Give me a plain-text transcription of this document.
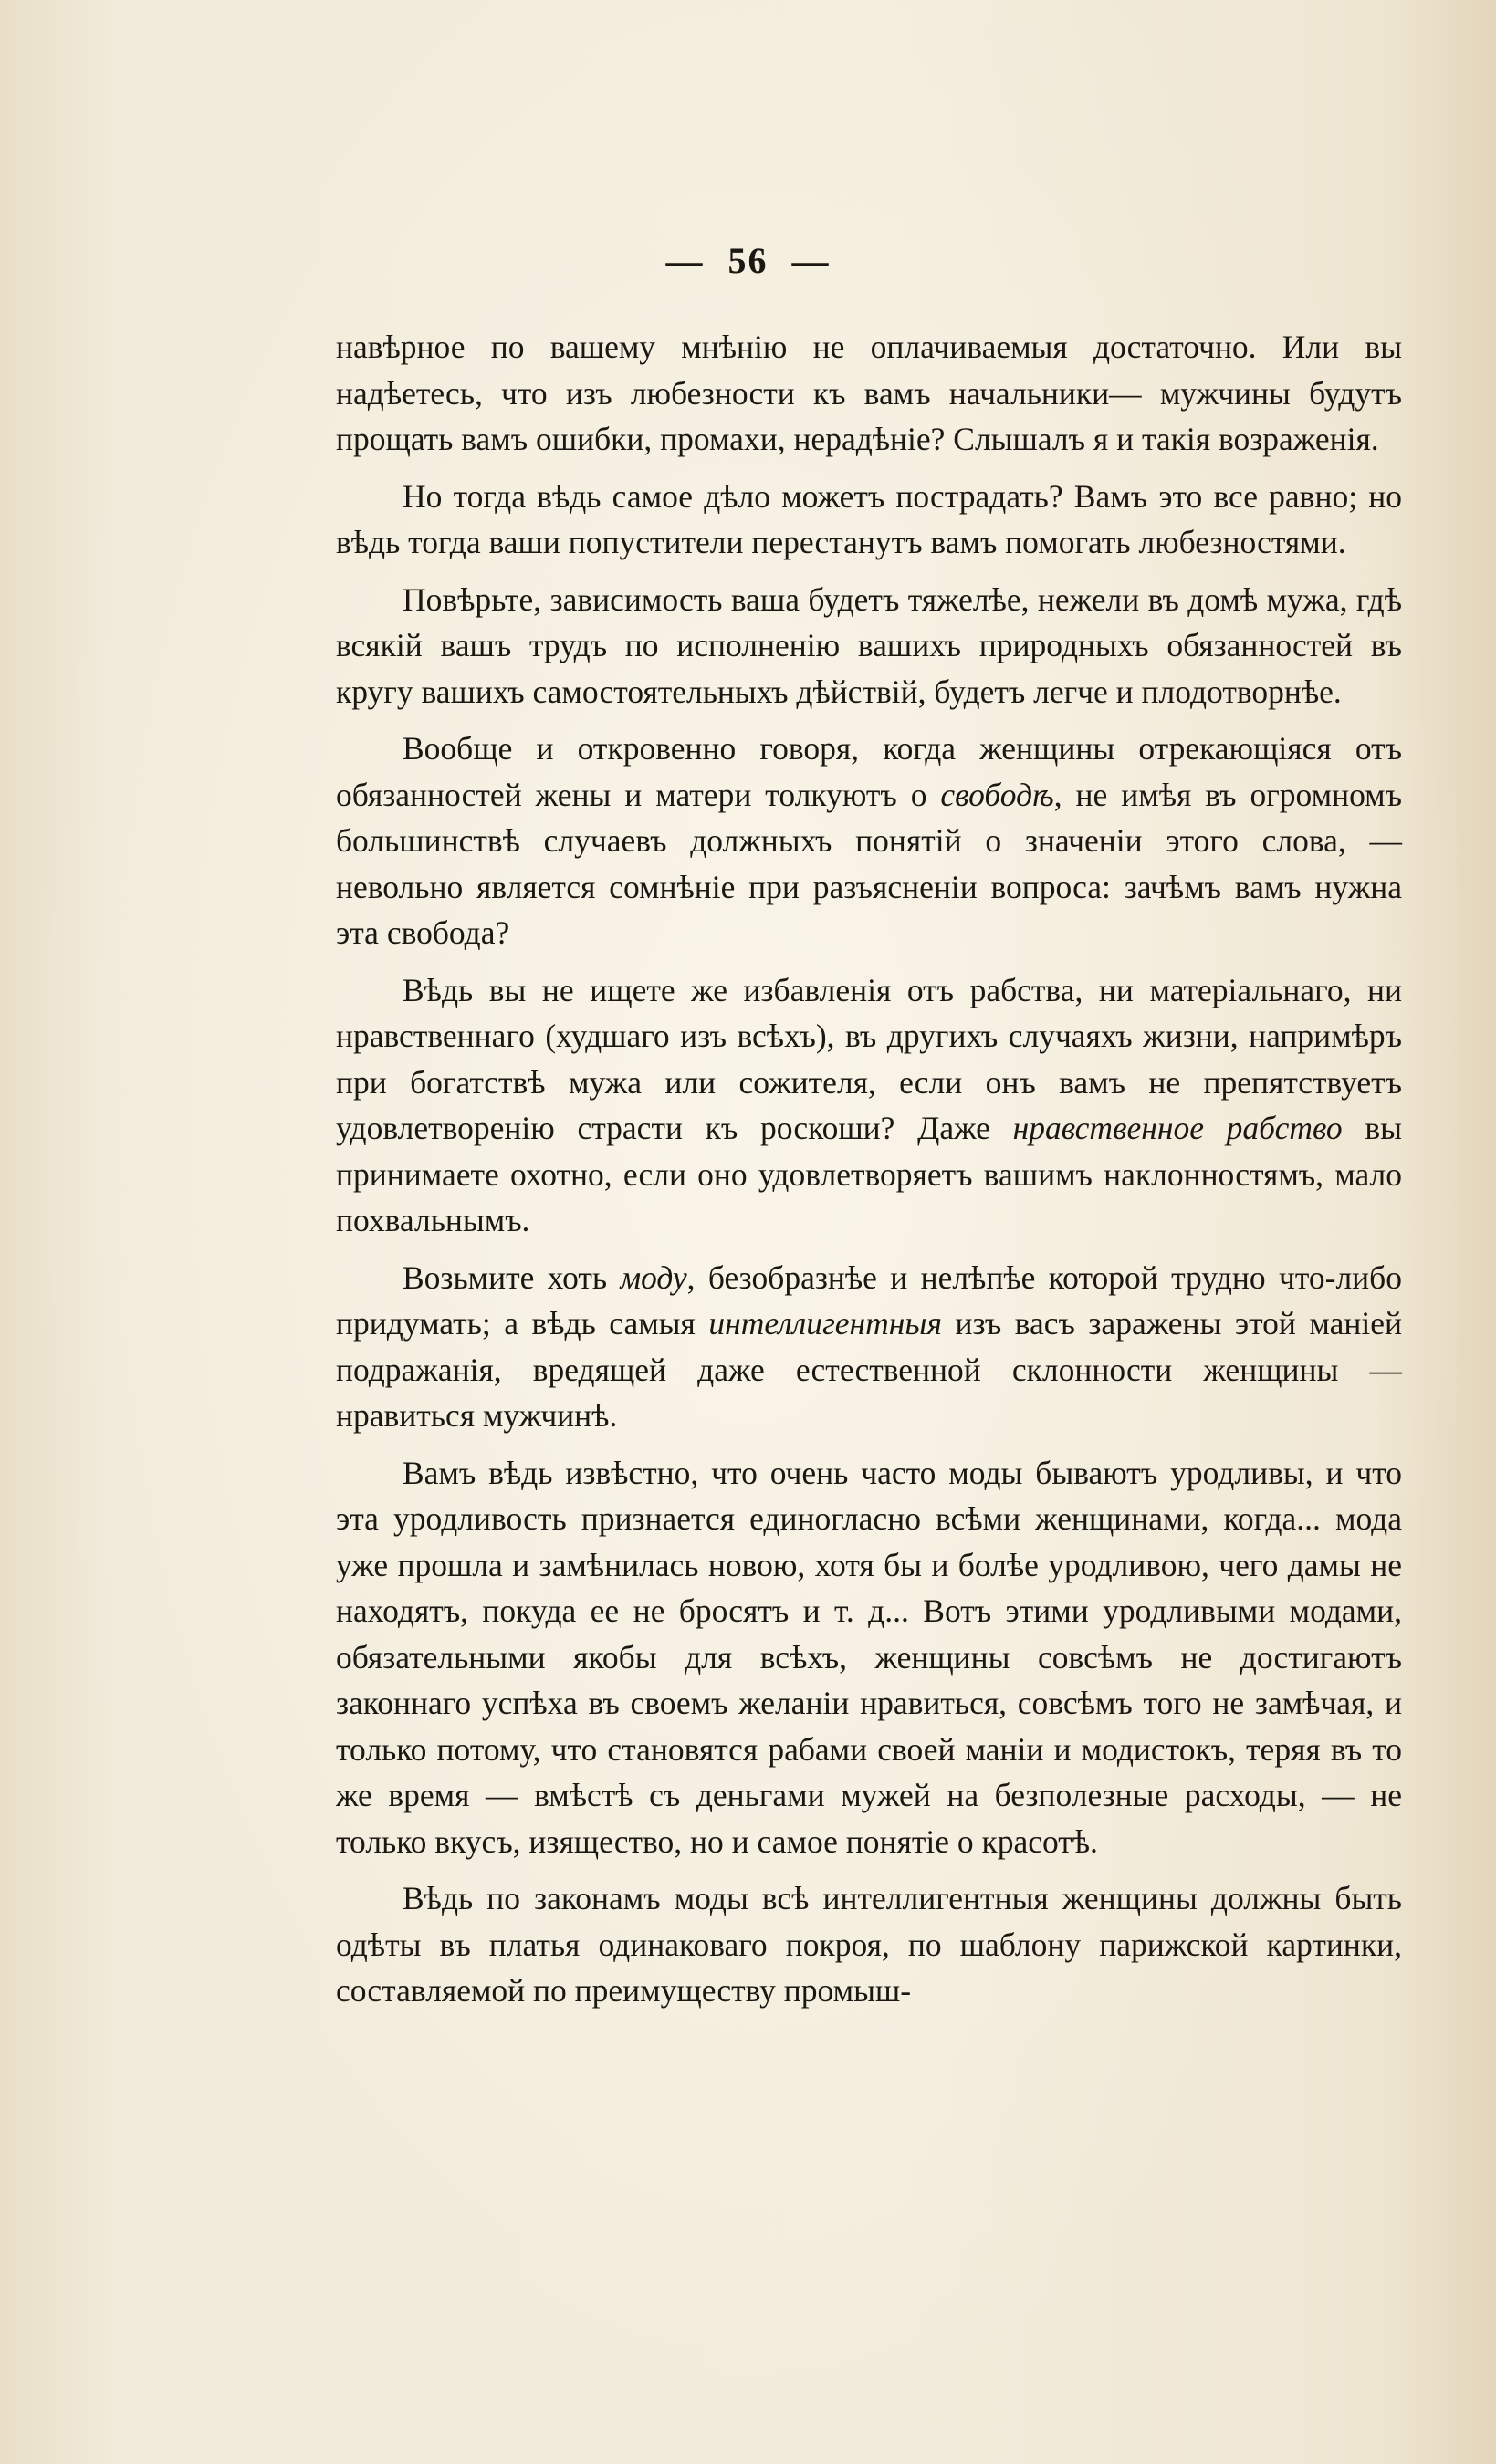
— 56 —

навѣрное по вашему мнѣнію не оплачиваемыя достаточно. Или вы надѣетесь, что изъ любезности къ вамъ начальники— мужчины будутъ прощать вамъ ошибки, промахи, нерадѣніе? Слышалъ я и такія возраженія.

Но тогда вѣдь самое дѣло можетъ пострадать? Вамъ это все равно; но вѣдь тогда ваши попустители перестанутъ вамъ помогать любезностями.

Повѣрьте, зависимость ваша будетъ тяжелѣе, нежели въ домѣ мужа, гдѣ всякій вашъ трудъ по исполненію вашихъ природныхъ обязанностей въ кругу вашихъ самостоятельныхъ дѣйствій, будетъ легче и плодотворнѣе.

Вообще и откровенно говоря, когда женщины отрекающіяся отъ обязанностей жены и матери толкуютъ о свободѣ, не имѣя въ огромномъ большинствѣ случаевъ должныхъ понятій о значеніи этого слова, — невольно является сомнѣніе при разъясненіи вопроса: зачѣмъ вамъ нужна эта свобода?

Вѣдь вы не ищете же избавленія отъ рабства, ни матеріальнаго, ни нравственнаго (худшаго изъ всѣхъ), въ другихъ случаяхъ жизни, напримѣръ при богатствѣ мужа или сожителя, если онъ вамъ не препятствуетъ удовлетворенію страсти къ роскоши? Даже нравственное рабство вы принимаете охотно, если оно удовлетворяетъ вашимъ наклонностямъ, мало похвальнымъ.

Возьмите хоть моду, безобразнѣе и нелѣпѣе которой трудно что-либо придумать; а вѣдь самыя интеллигентныя изъ васъ заражены этой маніей подражанія, вредящей даже естественной склонности женщины — нравиться мужчинѣ.

Вамъ вѣдь извѣстно, что очень часто моды бываютъ уродливы, и что эта уродливость признается единогласно всѣми женщинами, когда... мода уже прошла и замѣнилась новою, хотя бы и болѣе уродливою, чего дамы не находятъ, покуда ее не бросятъ и т. д... Вотъ этими уродливыми модами, обязательными якобы для всѣхъ, женщины совсѣмъ не достигаютъ законнаго успѣха въ своемъ желаніи нравиться, совсѣмъ того не замѣчая, и только потому, что становятся рабами своей маніи и модистокъ, теряя въ то же время — вмѣстѣ съ деньгами мужей на безполезные расходы, — не только вкусъ, изящество, но и самое понятіе о красотѣ.

Вѣдь по законамъ моды всѣ интеллигентныя женщины должны быть одѣты въ платья одинаковаго покроя, по шаблону парижской картинки, составляемой по преимуществу промыш-
